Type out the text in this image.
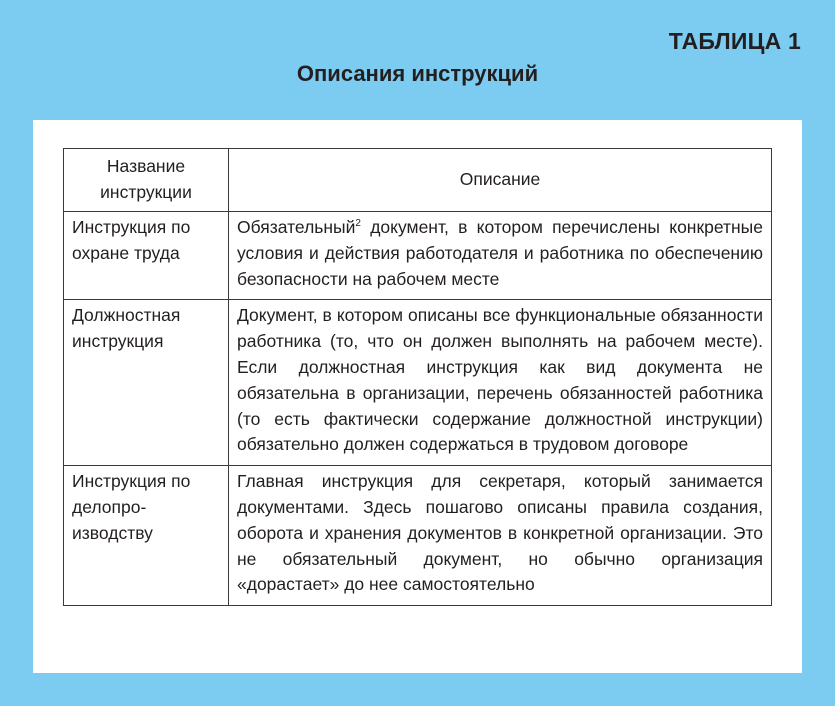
ТАБЛИЦА 1
Описания инструкций
Название инструкции	Описание
Инструкция по охране труда	Обязательный$^2$ документ, в котором перечислены конкретные условия и действия работодателя и работника по обеспечению безопасности на рабочем месте
Должностная инструкция	Документ, в котором описаны все функциональные обязанности работника (то, что он должен выполнять на рабочем месте). Если должностная инструкция как вид документа не обязательна в организации, перечень обязанностей работника (то есть фактически содержание должностной инструкции) обязательно должен содержаться в трудовом договоре
Инструкция по делопроизводству	Главная инструкция для секретаря, который занимается документами. Здесь пошагово описаны правила создания, оборота и хранения документов в конкретной организации. Это не обязательный документ, но обычно организация «дорастает» до нее самостоятельно
